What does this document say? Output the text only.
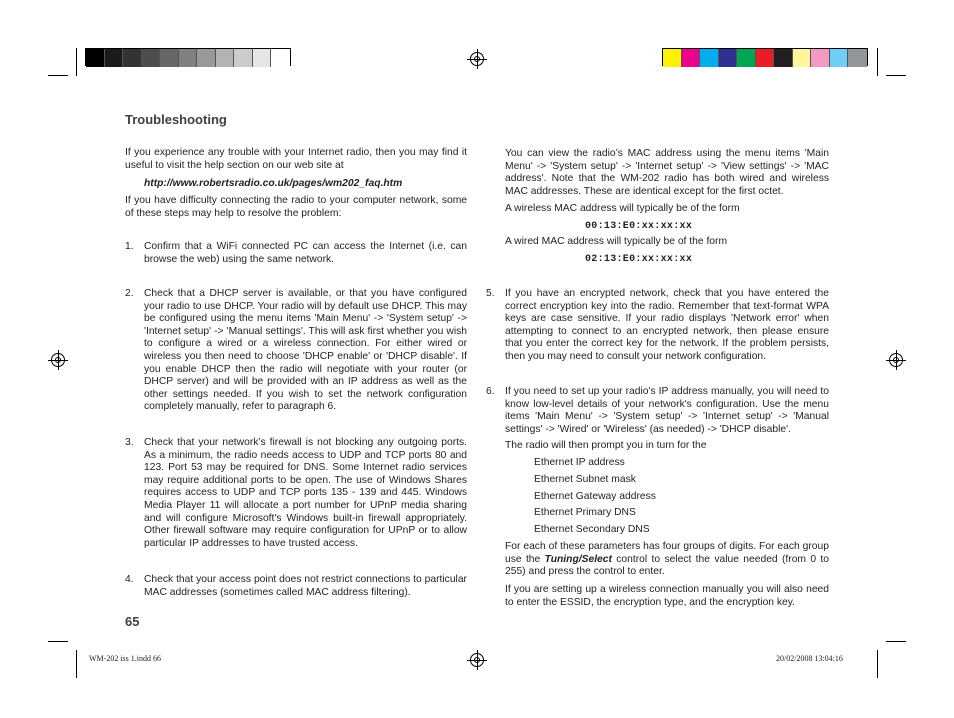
Troubleshooting

If you experience any trouble with your Internet radio, then you may find it useful to visit the help section on our web site at

http://www.robertsradio.co.uk/pages/wm202_faq.htm

If you have difficulty connecting the radio to your computer network, some of these steps may help to resolve the problem:

1. Confirm that a WiFi connected PC can access the Internet (i.e. can browse the web) using the same network.

2. Check that a DHCP server is available, or that you have configured your radio to use DHCP. Your radio will by default use DHCP. This may be configured using the menu items 'Main Menu' -> 'System setup' -> 'Internet setup' -> 'Manual settings'. This will ask first whether you wish to configure a wired or a wireless connection. For either wired or wireless you then need to choose 'DHCP enable' or 'DHCP disable'. If you enable DHCP then the radio will negotiate with your router (or DHCP server) and will be provided with an IP address as well as the other settings needed. If you wish to set the network configuration completely manually, refer to paragraph 6.

3. Check that your network’s firewall is not blocking any outgoing ports. As a minimum, the radio needs access to UDP and TCP ports 80 and 123. Port 53 may be required for DNS. Some Internet radio services may require additional ports to be open. The use of Windows Shares requires access to UDP and TCP ports 135 - 139 and 445. Windows Media Player 11 will allocate a port number for UPnP media sharing and will configure Microsoft's Windows built-in firewall appropriately. Other firewall software may require configuration for UPnP or to allow particular IP addresses to have trusted access.

4. Check that your access point does not restrict connections to particular MAC addresses (sometimes called MAC address filtering).

65

You can view the radio’s MAC address using the menu items 'Main Menu' -> 'System setup' -> 'Internet setup' -> 'View settings' -> 'MAC address'. Note that the WM-202 radio has both wired and wireless MAC addresses. These are identical except for the first octet.

A wireless MAC address will typically be of the form

00:13:E0:xx:xx:xx

A wired MAC address will typically be of the form

02:13:E0:xx:xx:xx
5. If you have an encrypted network, check that you have entered the correct encryption key into the radio. Remember that text-format WPA keys are case sensitive. If your radio displays 'Network error' when attempting to connect to an encrypted network, then please ensure that you enter the correct key for the network. If the problem persists, then you may need to consult your network configuration.

6. If you need to set up your radio's IP address manually, you will need to know low-level details of your network's configuration. Use the menu items 'Main Menu' -> 'System setup' -> 'Internet setup' -> 'Manual settings' -> 'Wired' or 'Wireless' (as needed) -> 'DHCP disable'.

The radio will then prompt you in turn for the

Ethernet IP address
Ethernet Subnet mask
Ethernet Gateway address
Ethernet Primary DNS
Ethernet Secondary DNS

For each of these parameters has four groups of digits. For each group use the Tuning/Select control to select the value needed (from 0 to 255) and press the control to enter.

If you are setting up a wireless connection manually you will also need to enter the ESSID, the encryption type, and the encryption key.

WM-202 iss 1.indd 66	20/02/2008 13:04:16
